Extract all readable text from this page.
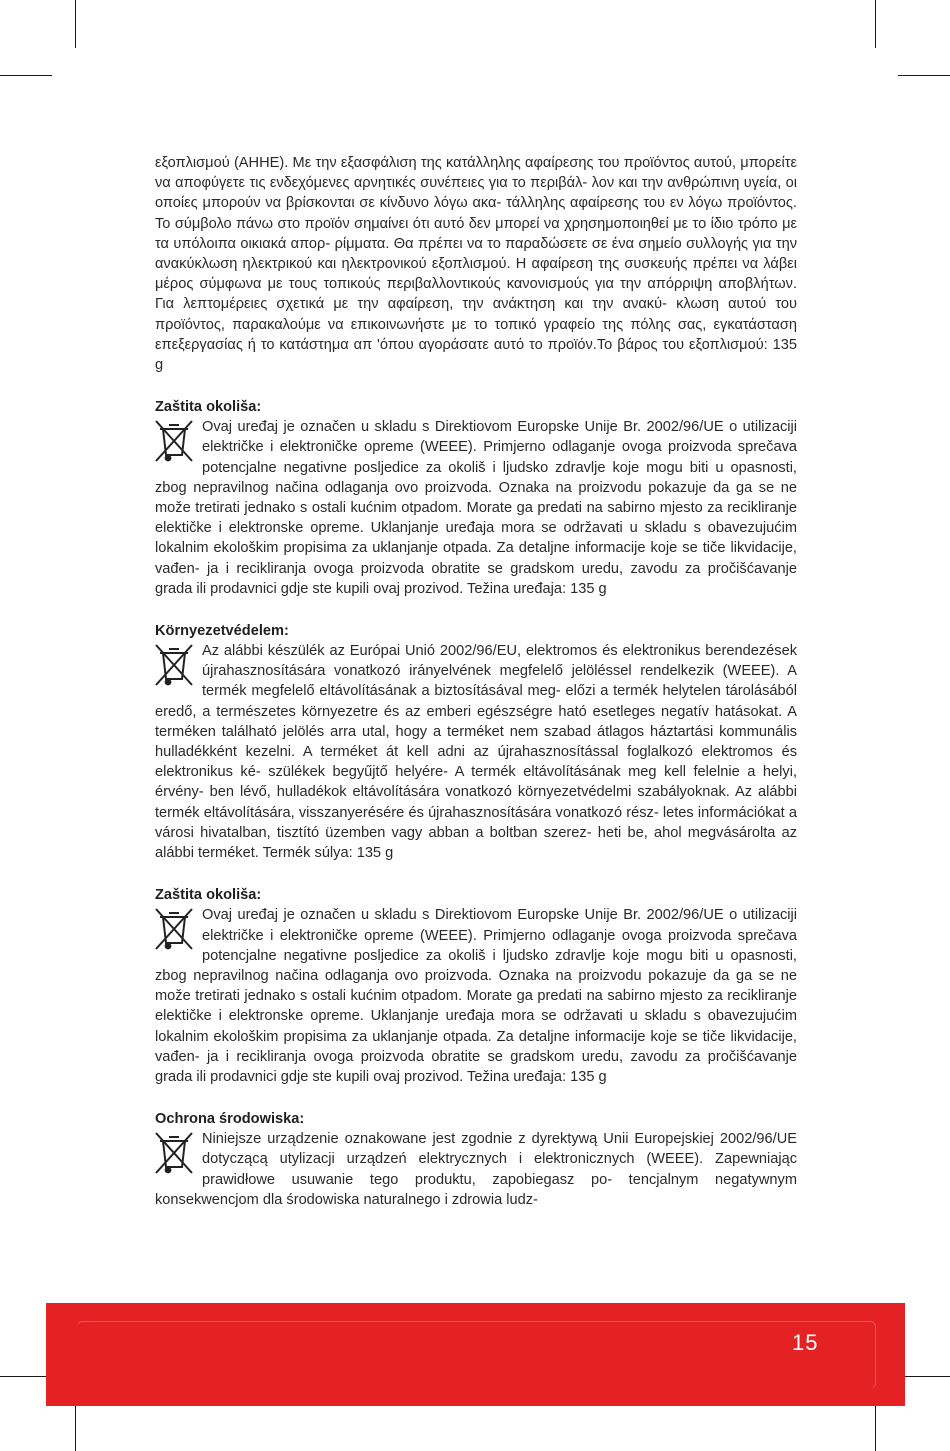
εξοπλισμού (AHHE). Με την εξασφάλιση της κατάλληλης αφαίρεσης του προϊόντος αυτού, μπορείτε να αποφύγετε τις ενδεχόμενες αρνητικές συνέπειες για το περιβάλ- λον και την ανθρώπινη υγεία, οι οποίες μπορούν να βρίσκονται σε κίνδυνο λόγω ακα- τάλληλης αφαίρεσης του εν λόγω προϊόντος. Το σύμβολο πάνω στο προϊόν σημαίνει ότι αυτό δεν μπορεί να χρησημοποιηθεί με το ίδιο τρόπο με τα υπόλοιπα οικιακά απορ- ρίμματα. Θα πρέπει να το παραδώσετε σε ένα σημείο συλλογής για την ανακύκλωση ηλεκτρικού και ηλεκτρονικού εξοπλισμού. Η αφαίρεση της συσκευής πρέπει να λάβει μέρος σύμφωνα με τους τοπικούς περιβαλλοντικούς κανονισμούς για την απόρριψη αποβλήτων. Για λεπτομέρειες σχετικά με την αφαίρεση, την ανάκτηση και την ανακύ- κλωση αυτού του προϊόντος, παρακαλούμε να επικοινωνήστε με το τοπικό γραφείο της πόλης σας, εγκατάσταση επεξεργασίας ή το κατάστημα απ 'όπου αγοράσατε αυτό το προϊόν.Το βάρος του εξοπλισμού: 135 g

Zaštita okoliša:

Ovaj uređaj je označen u skladu s Direktiovom Europske Unije Br. 2002/96/UE o utilizaciji električke i elektroničke opreme (WEEE). Primjerno odlaganje ovoga proizvoda sprečava potencjalne negativne posljedice za okoliš i ljudsko zdravlje koje mogu biti u opasnosti, zbog nepravilnog načina odlaganja ovo proizvoda. Oznaka na proizvodu pokazuje da ga se ne može tretirati jednako s ostali kućnim otpadom. Morate ga predati na sabirno mjesto za recikliranje elektičke i elektronske opreme. Uklanjanje uređaja mora se održavati u skladu s obavezujućim lokalnim ekološkim propisima za uklanjanje otpada. Za detaljne informacije koje se tiče likvidacije, vađen- ja i recikliranja ovoga proizvoda obratite se gradskom uredu, zavodu za pročišćavanje grada ili prodavnici gdje ste kupili ovaj prozivod. Težina uređaja: 135 g

Környezetvédelem:

Az alábbi készülék az Európai Unió 2002/96/EU, elektromos és elektronikus berendezések újrahasznosítására vonatkozó irányelvének megfelelő jelöléssel rendelkezik (WEEE). A termék megfelelő eltávolításának a biztosításával meg- előzi a termék helytelen tárolásából eredő, a természetes környezetre és az emberi egészségre ható esetleges negatív hatásokat. A terméken található jelölés arra utal, hogy a terméket nem szabad átlagos háztartási kommunális hulladékként kezelni. A terméket át kell adni az újrahasznosítással foglalkozó elektromos és elektronikus ké- szülékek begyűjtő helyére- A termék eltávolításának meg kell felelnie a helyi, érvény- ben lévő, hulladékok eltávolítására vonatkozó környezetvédelmi szabályoknak. Az alábbi termék eltávolítására, visszanyerésére és újrahasznosítására vonatkozó rész- letes információkat a városi hivatalban, tisztító üzemben vagy abban a boltban szerez- heti be, ahol megvásárolta az alábbi terméket. Termék súlya: 135 g

Zaštita okoliša:

Ovaj uređaj je označen u skladu s Direktiovom Europske Unije Br. 2002/96/UE o utilizaciji električke i elektroničke opreme (WEEE). Primjerno odlaganje ovoga proizvoda sprečava potencjalne negativne posljedice za okoliš i ljudsko zdravlje koje mogu biti u opasnosti, zbog nepravilnog načina odlaganja ovo proizvoda. Oznaka na proizvodu pokazuje da ga se ne može tretirati jednako s ostali kućnim otpadom. Morate ga predati na sabirno mjesto za recikliranje elektičke i elektronske opreme. Uklanjanje uređaja mora se održavati u skladu s obavezujućim lokalnim ekološkim propisima za uklanjanje otpada. Za detaljne informacije koje se tiče likvidacije, vađen- ja i recikliranja ovoga proizvoda obratite se gradskom uredu, zavodu za pročišćavanje grada ili prodavnici gdje ste kupili ovaj prozivod. Težina uređaja: 135 g

Ochrona środowiska:

Niniejsze urządzenie oznakowane jest zgodnie z dyrektywą Unii Europejskiej 2002/96/UE dotyczącą utylizacji urządzeń elektrycznych i elektronicznych (WEEE). Zapewniając prawidłowe usuwanie tego produktu, zapobiegasz po- tencjalnym negatywnym konsekwencjom dla środowiska naturalnego i zdrowia ludz-

15
